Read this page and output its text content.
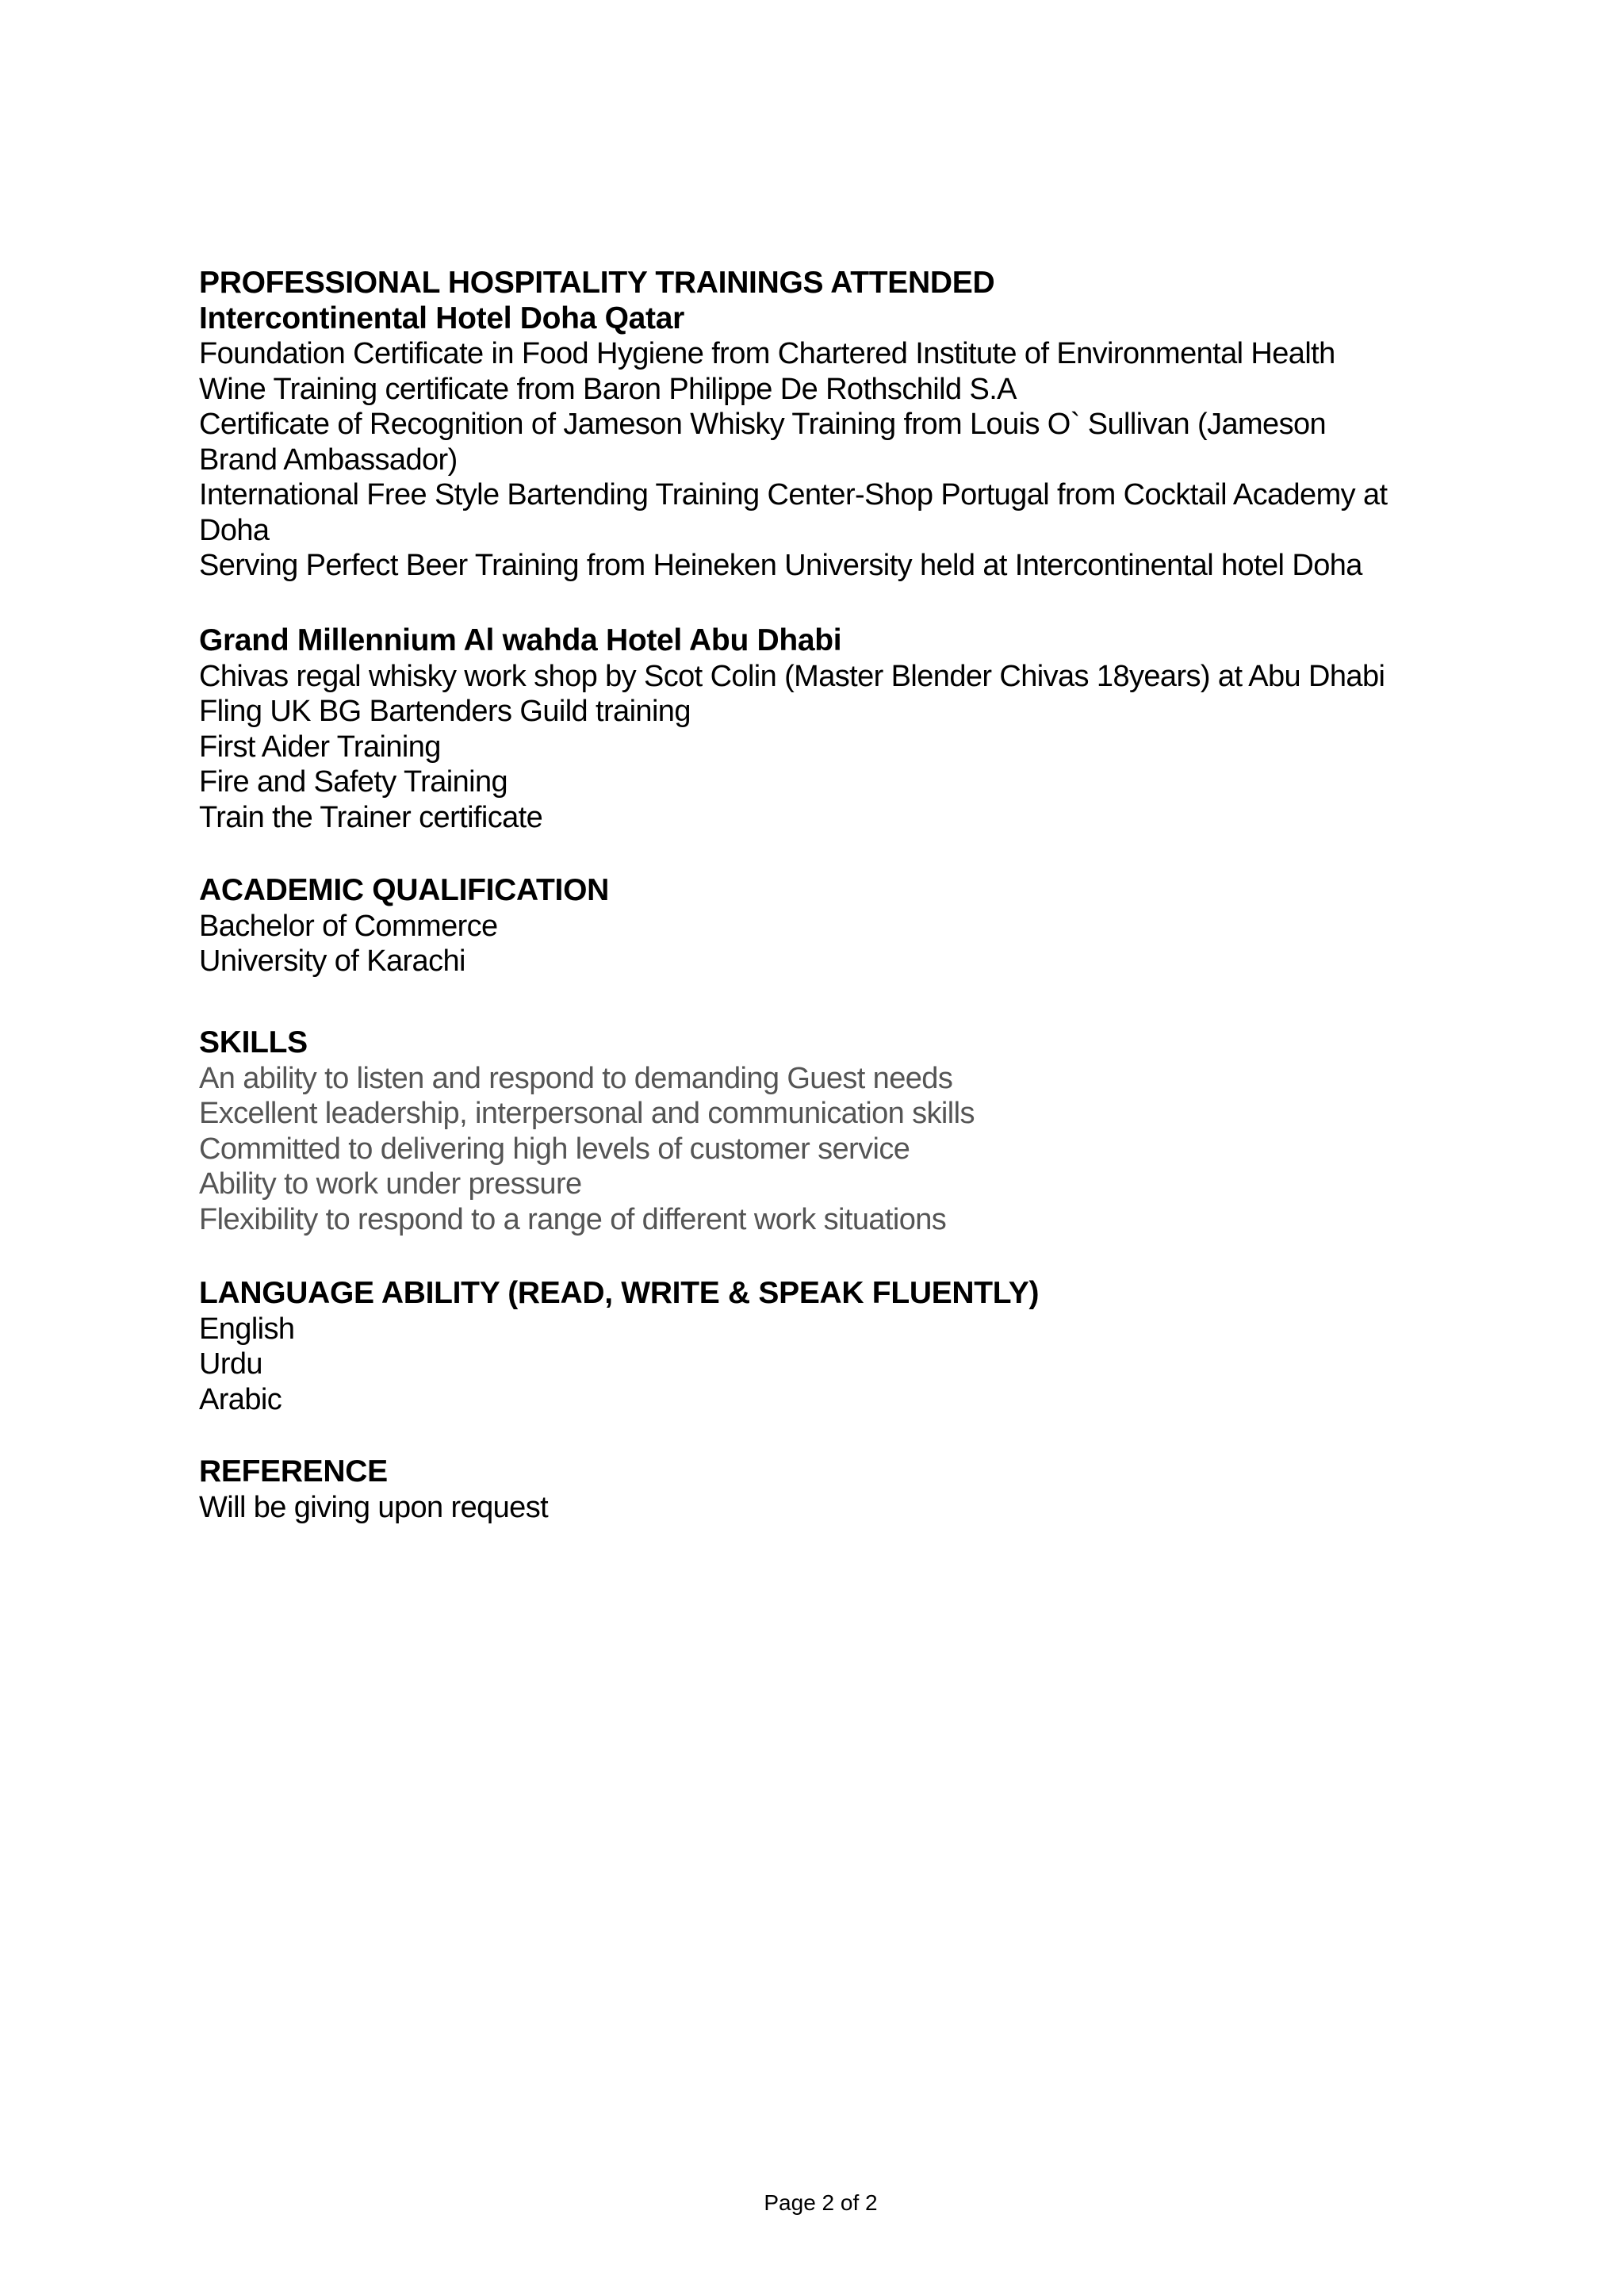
PROFESSIONAL HOSPITALITY TRAININGS ATTENDED
Intercontinental Hotel Doha Qatar
Foundation Certificate in Food Hygiene from Chartered Institute of Environmental Health
Wine Training certificate from Baron Philippe De Rothschild S.A
Certificate of Recognition of Jameson Whisky Training from Louis O` Sullivan (Jameson
Brand Ambassador)
International Free Style Bartending Training Center-Shop Portugal from Cocktail Academy at
Doha
Serving Perfect Beer Training from Heineken University held at Intercontinental hotel Doha
Grand Millennium Al wahda Hotel Abu Dhabi
Chivas regal whisky work shop by Scot Colin (Master Blender Chivas 18years) at Abu Dhabi
Fling UK BG Bartenders Guild training
First Aider Training
Fire and Safety Training
Train the Trainer certificate
ACADEMIC QUALIFICATION
Bachelor of Commerce
University of Karachi
SKILLS
An ability to listen and respond to demanding Guest needs
Excellent leadership, interpersonal and communication skills
Committed to delivering high levels of customer service
Ability to work under pressure
Flexibility to respond to a range of different work situations
LANGUAGE ABILITY (READ, WRITE & SPEAK FLUENTLY)
English
Urdu
Arabic
REFERENCE
Will be giving upon request
Page 2 of 2
